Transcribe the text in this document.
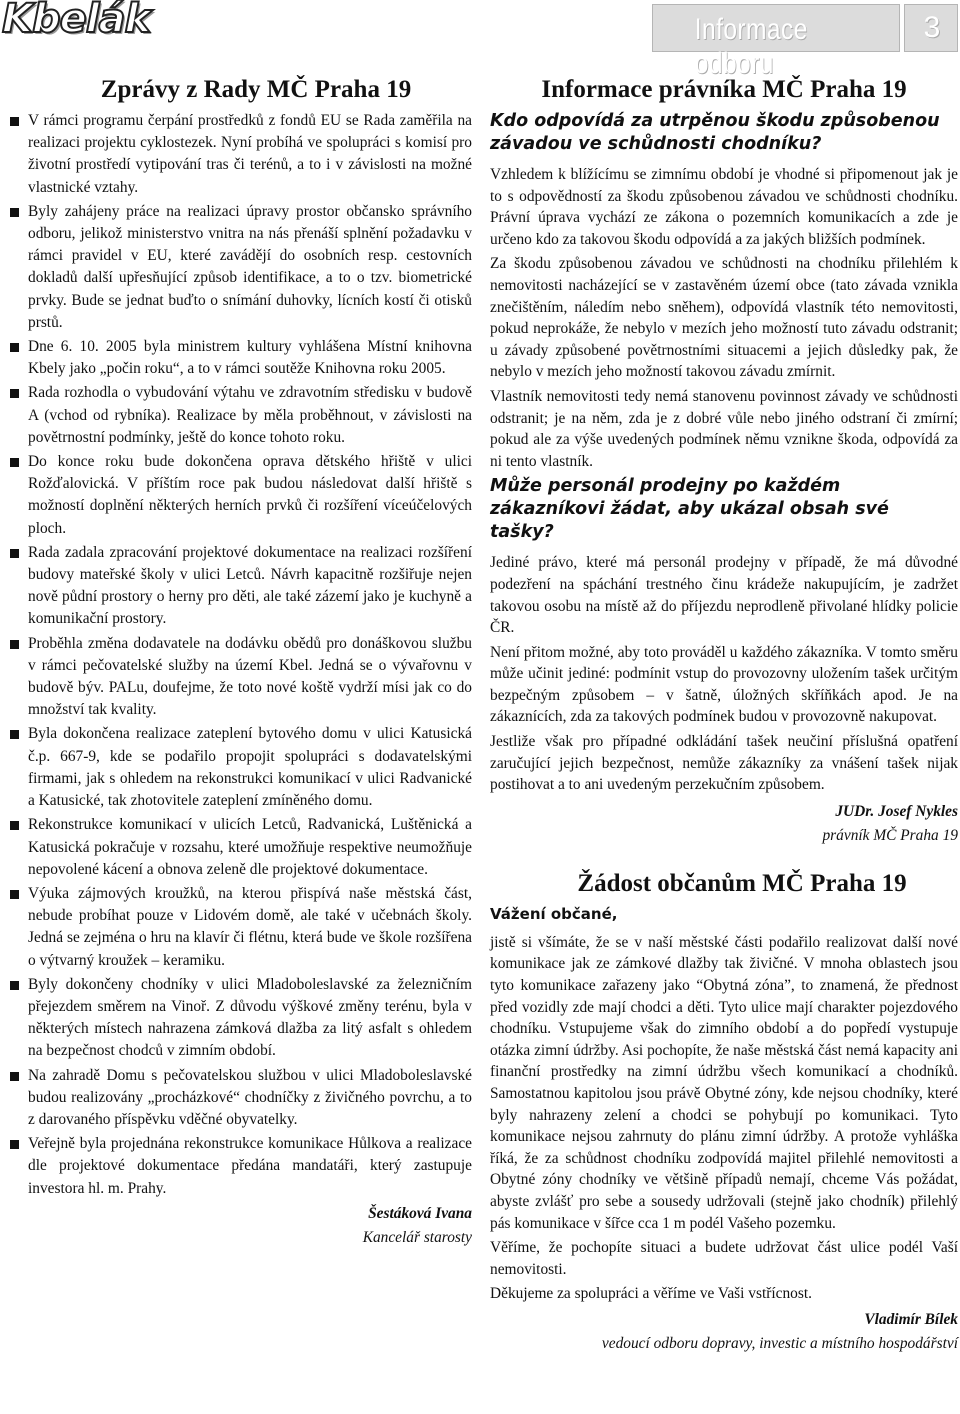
Kbelák	Informace odboru
3
Zprávy z Rady MČ Praha 19
V rámci programu čerpání prostředků z fondů EU se Rada zaměřila na realizaci projektu cyklostezek. Nyní probíhá ve spolupráci s komisí pro životní prostředí vytipování tras či terénů, a to i v závislosti na možné vlastnické vztahy.
Byly zahájeny práce na realizaci úpravy prostor občansko správního odboru, jelikož ministerstvo vnitra na nás přenáší splnění požadavku v rámci pravidel v EU, které zavádějí do osobních resp. cestovních dokladů další upřesňující způsob identifikace, a to o tzv. biometrické prvky. Bude se jednat buďto o snímání duhovky, lícních kostí či otisků prstů.
Dne 6. 10. 2005 byla ministrem kultury vyhlášena Místní knihovna Kbely jako „počin roku“, a to v rámci soutěže Knihovna roku 2005.
Rada rozhodla o vybudování výtahu ve zdravotním středisku v budově A (vchod od rybníka). Realizace by měla proběhnout, v závislosti na povětrnostní podmínky, ještě do konce tohoto roku.
Do konce roku bude dokončena oprava dětského hřiště v ulici Rožďalovická. V příštím roce pak budou následovat další hřiště s možností doplnění některých herních prvků či rozšíření víceúčelových ploch.
Rada zadala zpracování projektové dokumentace na realizaci rozšíření budovy mateřské školy v ulici Letců. Návrh kapacitně rozšiřuje nejen nově půdní prostory o herny pro děti, ale také zázemí jako je kuchyně a komunikační prostory.
Proběhla změna dodavatele na dodávku obědů pro donáškovou službu v rámci pečovatelské služby na území Kbel. Jedná se o vývařovnu v budově býv. PALu, doufejme, že toto nové koště vydrží mísi jak co do množství tak kvality.
Byla dokončena realizace zateplení bytového domu v ulici Katusická č.p. 667-9, kde se podařilo propojit spolupráci s dodavatelskými firmami, jak s ohledem na rekonstrukci komunikací v ulici Radvanické a Katusické, tak zhotovitele zateplení zmíněného domu.
Rekonstrukce komunikací v ulicích Letců, Radvanická, Luštěnická a Katusická pokračuje v rozsahu, které umožňuje respektive neumožňuje nepovolené kácení a obnova zeleně dle projektové dokumentace.
Výuka zájmových kroužků, na kterou přispívá naše městská část, nebude probíhat pouze v Lidovém domě, ale také v učebnách školy. Jedná se zejména o hru na klavír či flétnu, která bude ve škole rozšířena o výtvarný kroužek – keramiku.
Byly dokončeny chodníky v ulici Mladoboleslavské za železničním přejezdem směrem na Vinoř. Z důvodu výškové změny terénu, byla v některých místech nahrazena zámková dlažba za litý asfalt s ohledem na bezpečnost chodců v zimním období.
Na zahradě Domu s pečovatelskou službou v ulici Mladoboleslavské budou realizovány „procházkové“ chodníčky z živičného povrchu, a to z darovaného příspěvku vděčné obyvatelky.
Veřejně byla projednána rekonstrukce komunikace Hůlkova a realizace dle projektové dokumentace předána mandatáři, který zastupuje investora hl. m. Prahy.
Šestáková Ivana
Kancelář starosty
Informace právníka MČ Praha 19
Kdo odpovídá za utrpěnou škodu způsobenou závadou ve schůdnosti chodníku?

Vzhledem k blížícímu se zimnímu období je vhodné si připomenout jak je to s odpovědností za škodu způsobenou závadou ve schůdnosti chodníku. Právní úprava vychází ze zákona o pozemních komunikacích a zde je určeno kdo za takovou škodu odpovídá a za jakých bližších podmínek.

Za škodu způsobenou závadou ve schůdnosti na chodníku přilehlém k nemovitosti nacházející se v zastavěném území obce (tato závada vznikla znečištěním, náledím nebo sněhem), odpovídá vlastník této nemovitosti, pokud neprokáže, že nebylo v mezích jeho možností tuto závadu odstranit; u závady způsobené povětrnostními situacemi a jejich důsledky pak, že nebylo v mezích jeho možností takovou závadu zmírnit.

Vlastník nemovitosti tedy nemá stanovenu povinnost závady ve schůdnosti odstranit; je na něm, zda je z dobré vůle nebo jiného odstraní či zmírní; pokud ale za výše uvedených podmínek němu vznikne škoda, odpovídá za ni tento vlastník.

Může personál prodejny po každém zákazníkovi žádat, aby ukázal obsah své tašky?

Jediné právo, které má personál prodejny v případě, že má důvodné podezření na spáchání trestného činu krádeže nakupujícím, je zadržet takovou osobu na místě až do příjezdu neprodleně přivolané hlídky policie ČR.

Není přitom možné, aby toto prováděl u každého zákazníka. V tomto směru může učinit jediné: podmínit vstup do provozovny uložením tašek určitým bezpečným způsobem – v šatně, úložných skříňkách apod. Je na zákaznících, zda za takových podmínek budou v provozovně nakupovat.

Jestliže však pro případné odkládání tašek neučiní příslušná opatření zaručující jejich bezpečnost, nemůže zákazníky za vnášení tašek nijak postihovat a to ani uvedeným perzekučním způsobem.

JUDr. Josef Nykles
právník MČ Praha 19
Žádost občanům MČ Praha 19
Vážení občané,

jistě si všímáte, že se v naší městské části podařilo realizovat další nové komunikace jak ze zámkové dlažby tak živičné. V mnoha oblastech jsou tyto komunikace zařazeny jako “Obytná zóna”, to znamená, že přednost před vozidly zde mají chodci a děti. Tyto ulice mají charakter pojezdového chodníku. Vstupujeme však do zimního období a do popředí vystupuje otázka zimní údržby. Asi pochopíte, že naše městská část nemá kapacity ani finanční prostředky na zimní údržbu všech komunikací a chodníků. Samostatnou kapitolou jsou právě Obytné zóny, kde nejsou chodníky, které byly nahrazeny zelení a chodci se pohybují po komunikaci. Tyto komunikace nejsou zahrnuty do plánu zimní údržby. A protože vyhláška říká, že za schůdnost chodníku zodpovídá majitel přilehlé nemovitosti a Obytné zóny chodníky ve většině případů nemají, chceme Vás požádat, abyste zvlášť pro sebe a sousedy udržovali (stejně jako chodník) přilehlý pás komunikace v šířce cca 1 m podél Vašeho pozemku.

Věříme, že pochopíte situaci a budete udržovat část ulice podél Vaší nemovitosti.

Děkujeme za spolupráci a věříme ve Vaši vstřícnost.

Vladimír Bílek
vedoucí odboru dopravy, investic a místního hospodářství
